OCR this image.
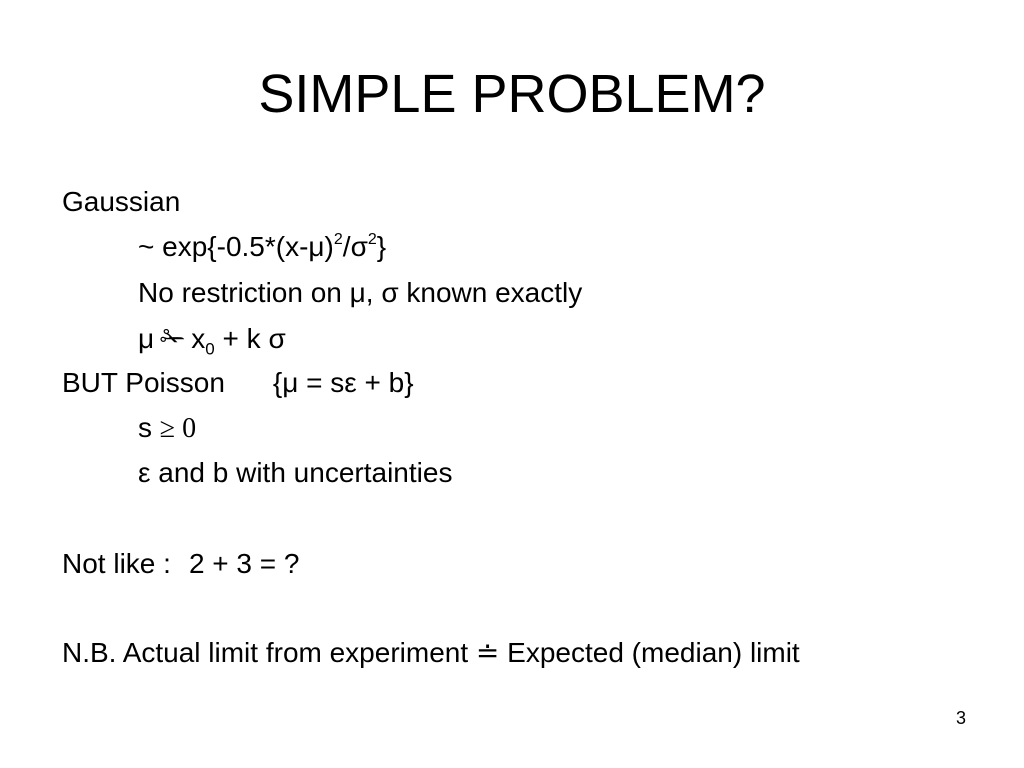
SIMPLE PROBLEM?
Gaussian
~ $\exp\{-0.5*(x-\mu)^2/\sigma^2\}$
No restriction on μ, σ known exactly
μ ✁ $x_0 + k$ σ
BUT Poisson {μ = sε + b}
s ≥ 0
ε and b with uncertainties
Not like : 2 + 3 = ?
N.B. Actual limit from experiment ≐ Expected (median) limit
3
